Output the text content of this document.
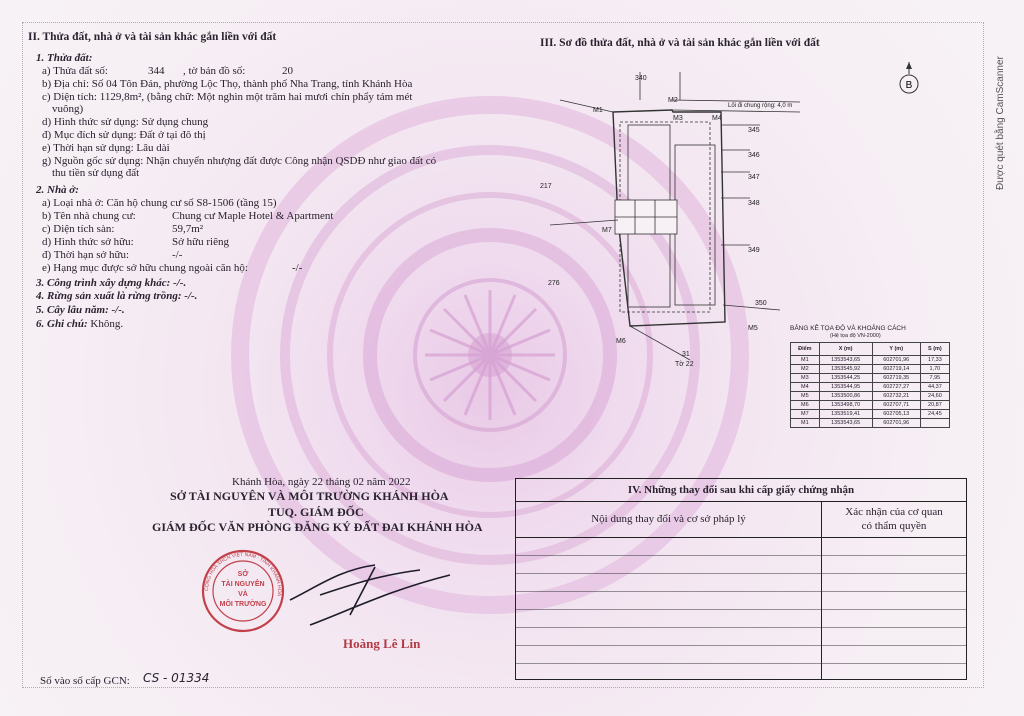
Được quét bằng CamScanner
II. Thửa đất, nhà ở và tài sản khác gắn liền với đất
1. Thửa đất:
a) Thửa đất số:	344 , tờ bản đồ số:	20
b) Địa chỉ: Số 04 Tôn Đản, phường Lộc Thọ, thành phố Nha Trang, tỉnh Khánh Hòa
c) Diện tích: 1129,8m², (bằng chữ: Một nghìn một trăm hai mươi chín phẩy tám mét
vuông)
d) Hình thức sử dụng: Sử dụng chung
đ) Mục đích sử dụng: Đất ở tại đô thị
e) Thời hạn sử dụng: Lâu dài
g) Nguồn gốc sử dụng: Nhận chuyển nhượng đất được Công nhận QSDĐ như giao đất có
thu tiền sử dụng đất
2. Nhà ở:
a) Loại nhà ở: Căn hộ chung cư số S8-1506 (tầng 15)
b) Tên nhà chung cư:	Chung cư Maple Hotel & Apartment
c) Diện tích sàn:	59,7m²
d) Hình thức sở hữu:	Sở hữu riêng
đ) Thời hạn sở hữu:	-/-
e) Hạng mục được sở hữu chung ngoài căn hộ:	-/-
3. Công trình xây dựng khác: -/-.
4. Rừng sản xuất là rừng trồng: -/-.
5. Cây lâu năm: -/-.
6. Ghi chú: Không.
Khánh Hòa, ngày 22 tháng 02 năm 2022
SỞ TÀI NGUYÊN VÀ MÔI TRƯỜNG KHÁNH HÒA
TUQ. GIÁM ĐỐC
GIÁM ĐỐC VĂN PHÒNG ĐĂNG KÝ ĐẤT ĐAI KHÁNH HÒA
SỞ
TÀI NGUYÊN
VÀ
MÔI TRƯỜNG
CỘNG HÒA XHCN VIỆT NAM · TỈNH KHÁNH HÒA
Hoàng Lê Lin
Số vào số cấp GCN: CS - 01334
III. Sơ đồ thửa đất, nhà ở và tài sản khác gắn liền với đất
B
340
345
346
347
348
349
350
217
276
31
Tờ 22
M1
M2
M3	M4
M5
M6
M7
Lối đi chung rộng: 4,0 m
BẢNG KÊ TỌA ĐỘ VÀ KHOẢNG CÁCH
(Hệ tọa độ VN-2000)
Điểm	X (m)	Y (m)	S (m)
M1	1353543,65	602701,96	17,33
M2	1353545,92	602719,14	1,70
M3	1353544,25	602719,35	7,95
M4	1353544,95	602727,27	44,37
M5	1353500,86	602732,21	24,60
M6	1353498,70	602707,71	20,87
M7	1353519,41	602705,13	24,45
M1	1353543,65	602701,96	
IV. Những thay đổi sau khi cấp giấy chứng nhận
Nội dung thay đổi và cơ sở pháp lý
Xác nhận của cơ quan
có thẩm quyền
